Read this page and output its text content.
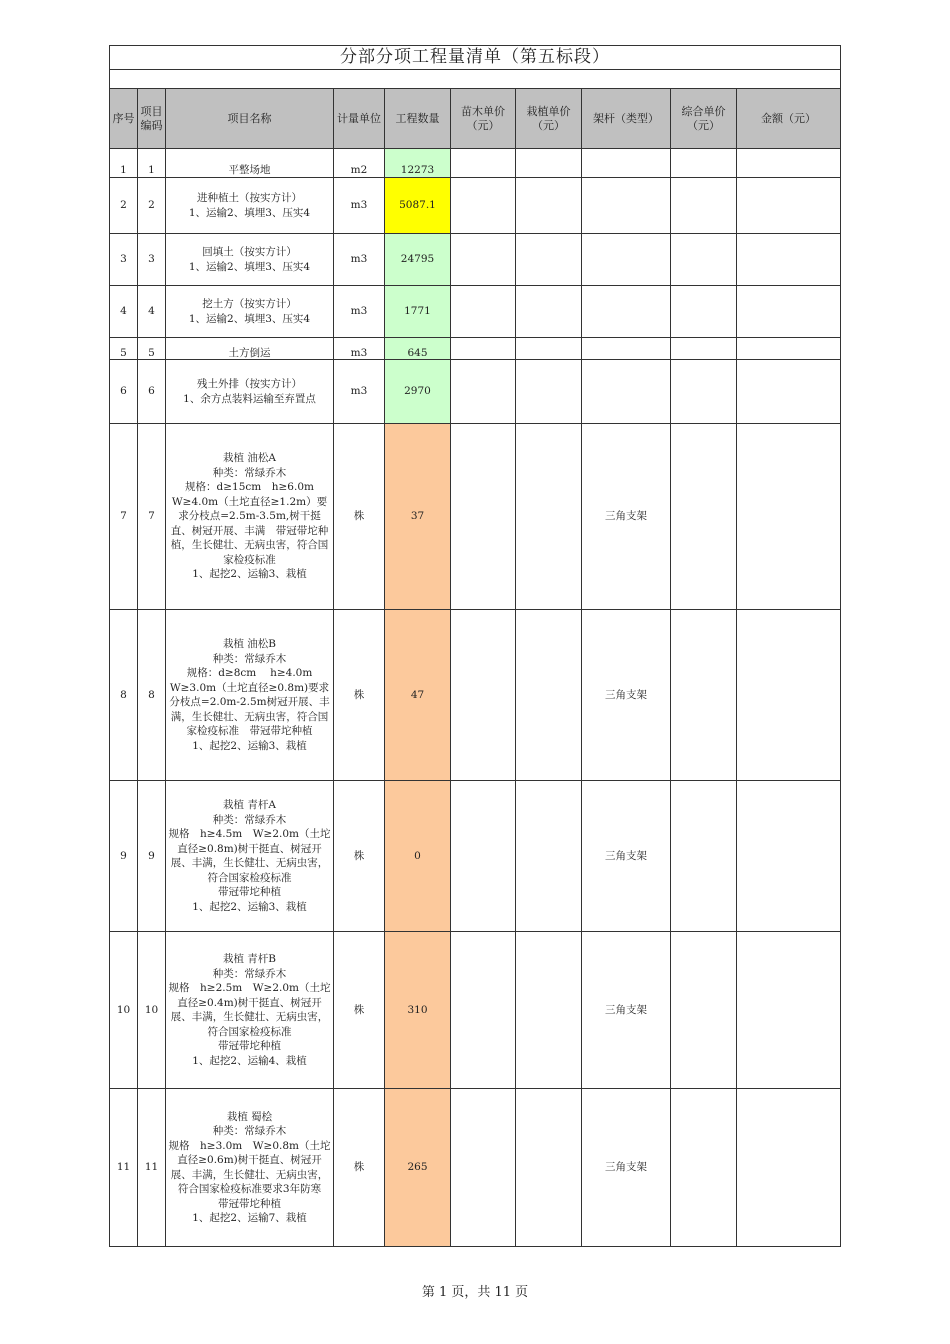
分部分项工程量清单（第五标段）									

序号	项目编码	项目名称	计量单位	工程数量	苗木单价（元）	栽植单价（元）	架杆（类型）	综合单价（元）	金额（元）
1	1	平整场地	m2	12273					
2	2	进种植土（按实方计）
1、运输2、填埋3、压实4	m3	5087.1					
3	3	回填土（按实方计）
1、运输2、填埋3、压实4	m3	24795					
4	4	挖土方（按实方计）
1、运输2、填埋3、压实4	m3	1771					
5	5	土方倒运	m3	645					
6	6	残土外排（按实方计）
1、余方点装料运输至弃置点	m3	2970					
7	7	栽植 油松A
种类：常绿乔木
规格：d≥15cm　h≥6.0m　W≥4.0m（土坨直径≥1.2m）要求分枝点=2.5m-3.5m,树干挺直、树冠开展、丰满　带冠带坨种植，生长健壮、无病虫害，符合国家检疫标准
1、起挖2、运输3、栽植	株	37			三角支架		
8	8	栽植 油松B
种类：常绿乔木
规格：d≥8cm　 h≥4.0m W≥3.0m（土坨直径≥0.8m)要求分枝点=2.0m-2.5m树冠开展、丰满，生长健壮、无病虫害，符合国家检疫标准　带冠带坨种植
1、起挖2、运输3、栽植	株	47			三角支架		
9	9	栽植 青杆A
种类：常绿乔木
规格　h≥4.5m　W≥2.0m（土坨直径≥0.8m)树干挺直、树冠开展、丰满，生长健壮、无病虫害，符合国家检疫标准
带冠带坨种植
1、起挖2、运输3、栽植	株	0			三角支架		
10	10	栽植 青杆B
种类：常绿乔木
规格　h≥2.5m　W≥2.0m（土坨直径≥0.4m)树干挺直、树冠开展、丰满，生长健壮、无病虫害，符合国家检疫标准
带冠带坨种植
1、起挖2、运输4、栽植	株	310			三角支架		
11	11	栽植 蜀桧
种类：常绿乔木
规格　h≥3.0m　W≥0.8m（土坨直径≥0.6m)树干挺直、树冠开展、丰满，生长健壮、无病虫害，符合国家检疫标准要求3年防寒　带冠带坨种植
1、起挖2、运输7、栽植	株	265			三角支架		
第 1 页，共 11 页
